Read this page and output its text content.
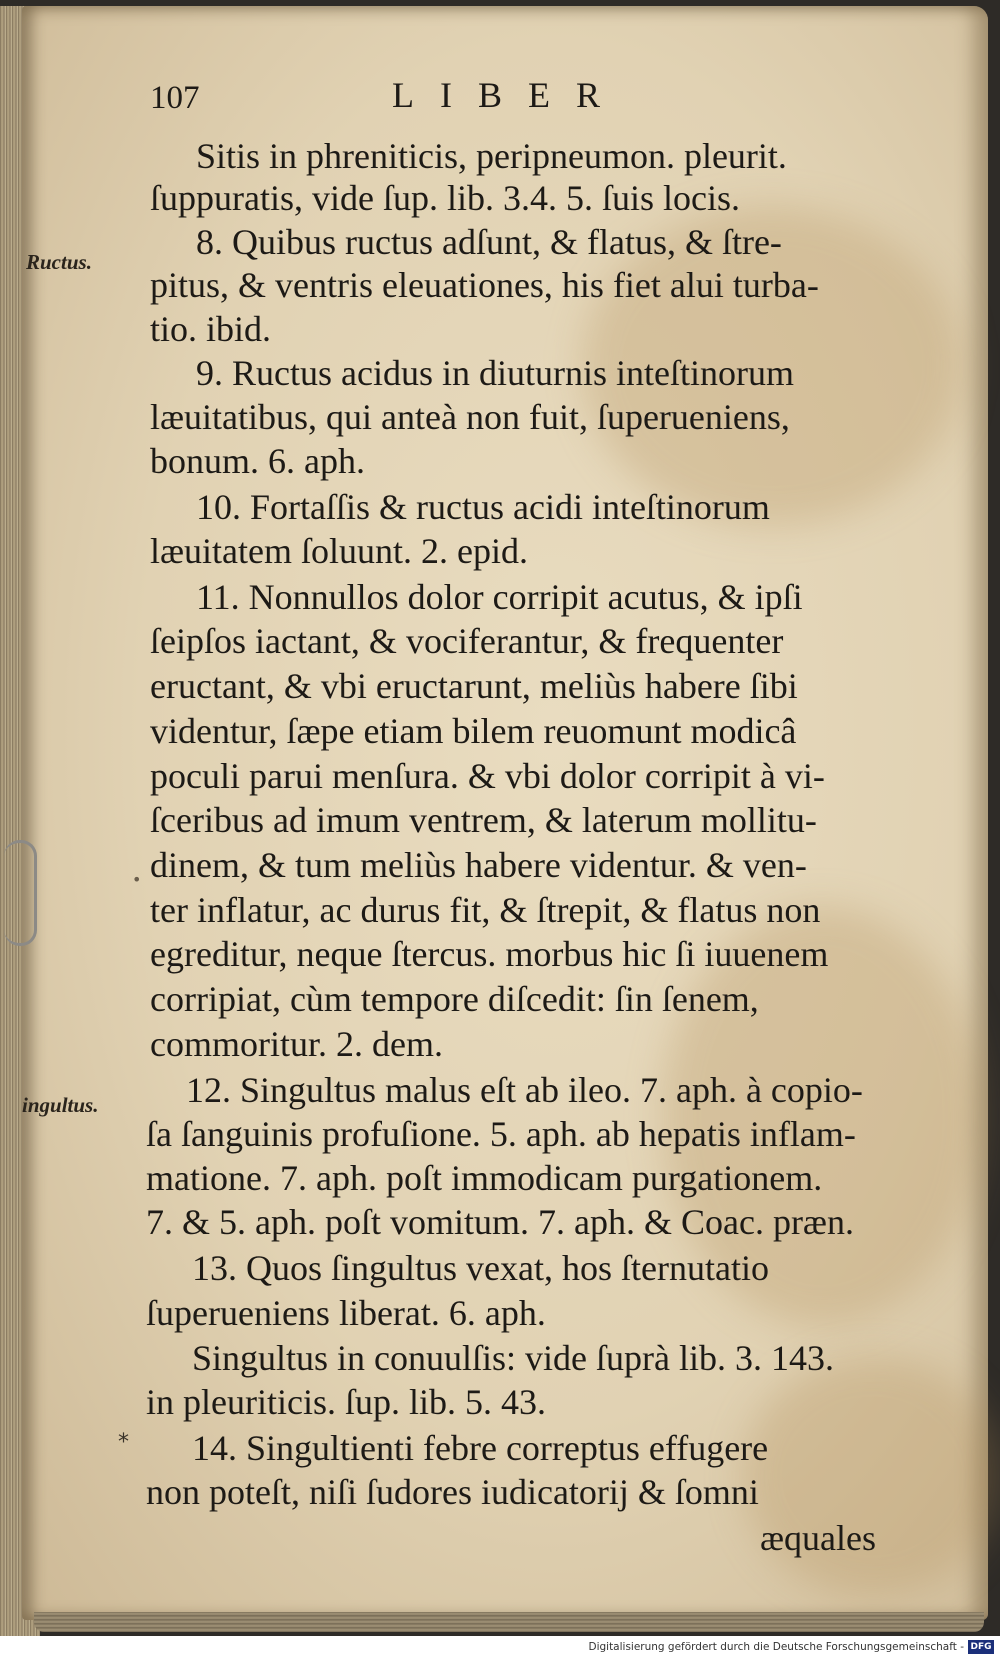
107	LIBER
Ructus.
ingultus.
*
•
Sitis in phreniticis, peripneumon. pleurit.
ſuppuratis, vide ſup. lib. 3.4. 5. ſuis locis.
8. Quibus ructus adſunt, & flatus, & ſtre-
pitus, & ventris eleuationes, his fiet alui turba-
tio. ibid.
9. Ructus acidus in diuturnis inteſtinorum
læuitatibus, qui anteà non fuit, ſuperueniens,
bonum. 6. aph.
10. Fortaſſis & ructus acidi inteſtinorum
læuitatem ſoluunt. 2. epid.
11. Nonnullos dolor corripit acutus, & ipſi
ſeipſos iactant, & vociferantur, & frequenter
eructant, & vbi eructarunt, meliùs habere ſibi
videntur, ſæpe etiam bilem reuomunt modicâ
poculi parui menſura. & vbi dolor corripit à vi-
ſceribus ad imum ventrem, & laterum mollitu-
dinem, & tum meliùs habere videntur. & ven-
ter inflatur, ac durus fit, & ſtrepit, & flatus non
egreditur, neque ſtercus. morbus hic ſi iuuenem
corripiat, cùm tempore diſcedit: ſin ſenem,
commoritur. 2. dem.
12. Singultus malus eſt ab ileo. 7. aph. à copio-
ſa ſanguinis profuſione. 5. aph. ab hepatis inflam-
matione. 7. aph. poſt immodicam purgationem.
7. & 5. aph. poſt vomitum. 7. aph. & Coac. præn.
13. Quos ſingultus vexat, hos ſternutatio
ſuperueniens liberat. 6. aph.
Singultus in conuulſis: vide ſuprà lib. 3. 143.
in pleuriticis. ſup. lib. 5. 43.
14. Singultienti febre correptus effugere
non poteſt, niſi ſudores iudicatorij & ſomni
æquales
Digitalisierung gefördert durch die Deutsche Forschungsgemeinschaft - DFG
